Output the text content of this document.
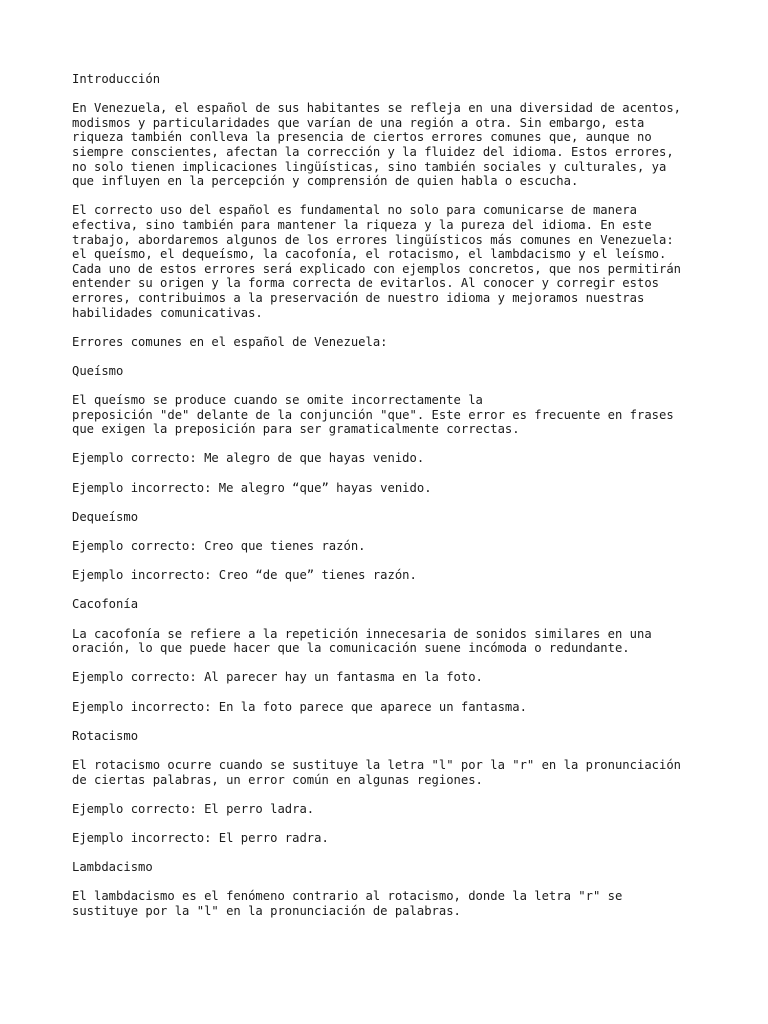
Introducción

En Venezuela, el español de sus habitantes se refleja en una diversidad de acentos,
modismos y particularidades que varían de una región a otra. Sin embargo, esta
riqueza también conlleva la presencia de ciertos errores comunes que, aunque no
siempre conscientes, afectan la corrección y la fluidez del idioma. Estos errores,
no solo tienen implicaciones lingüísticas, sino también sociales y culturales, ya
que influyen en la percepción y comprensión de quien habla o escucha.

El correcto uso del español es fundamental no solo para comunicarse de manera
efectiva, sino también para mantener la riqueza y la pureza del idioma. En este
trabajo, abordaremos algunos de los errores lingüísticos más comunes en Venezuela:
el queísmo, el dequeísmo, la cacofonía, el rotacismo, el lambdacismo y el leísmo.
Cada uno de estos errores será explicado con ejemplos concretos, que nos permitirán
entender su origen y la forma correcta de evitarlos. Al conocer y corregir estos
errores, contribuimos a la preservación de nuestro idioma y mejoramos nuestras
habilidades comunicativas.

Errores comunes en el español de Venezuela:

Queísmo

El queísmo se produce cuando se omite incorrectamente la
preposición "de" delante de la conjunción "que". Este error es frecuente en frases
que exigen la preposición para ser gramaticalmente correctas.

Ejemplo correcto: Me alegro de que hayas venido.

Ejemplo incorrecto: Me alegro “que” hayas venido.

Dequeísmo

Ejemplo correcto: Creo que tienes razón.

Ejemplo incorrecto: Creo “de que” tienes razón.

Cacofonía

La cacofonía se refiere a la repetición innecesaria de sonidos similares en una
oración, lo que puede hacer que la comunicación suene incómoda o redundante.

Ejemplo correcto: Al parecer hay un fantasma en la foto.

Ejemplo incorrecto: En la foto parece que aparece un fantasma.

Rotacismo

El rotacismo ocurre cuando se sustituye la letra "l" por la "r" en la pronunciación
de ciertas palabras, un error común en algunas regiones.

Ejemplo correcto: El perro ladra.

Ejemplo incorrecto: El perro radra.

Lambdacismo

El lambdacismo es el fenómeno contrario al rotacismo, donde la letra "r" se
sustituye por la "l" en la pronunciación de palabras.
